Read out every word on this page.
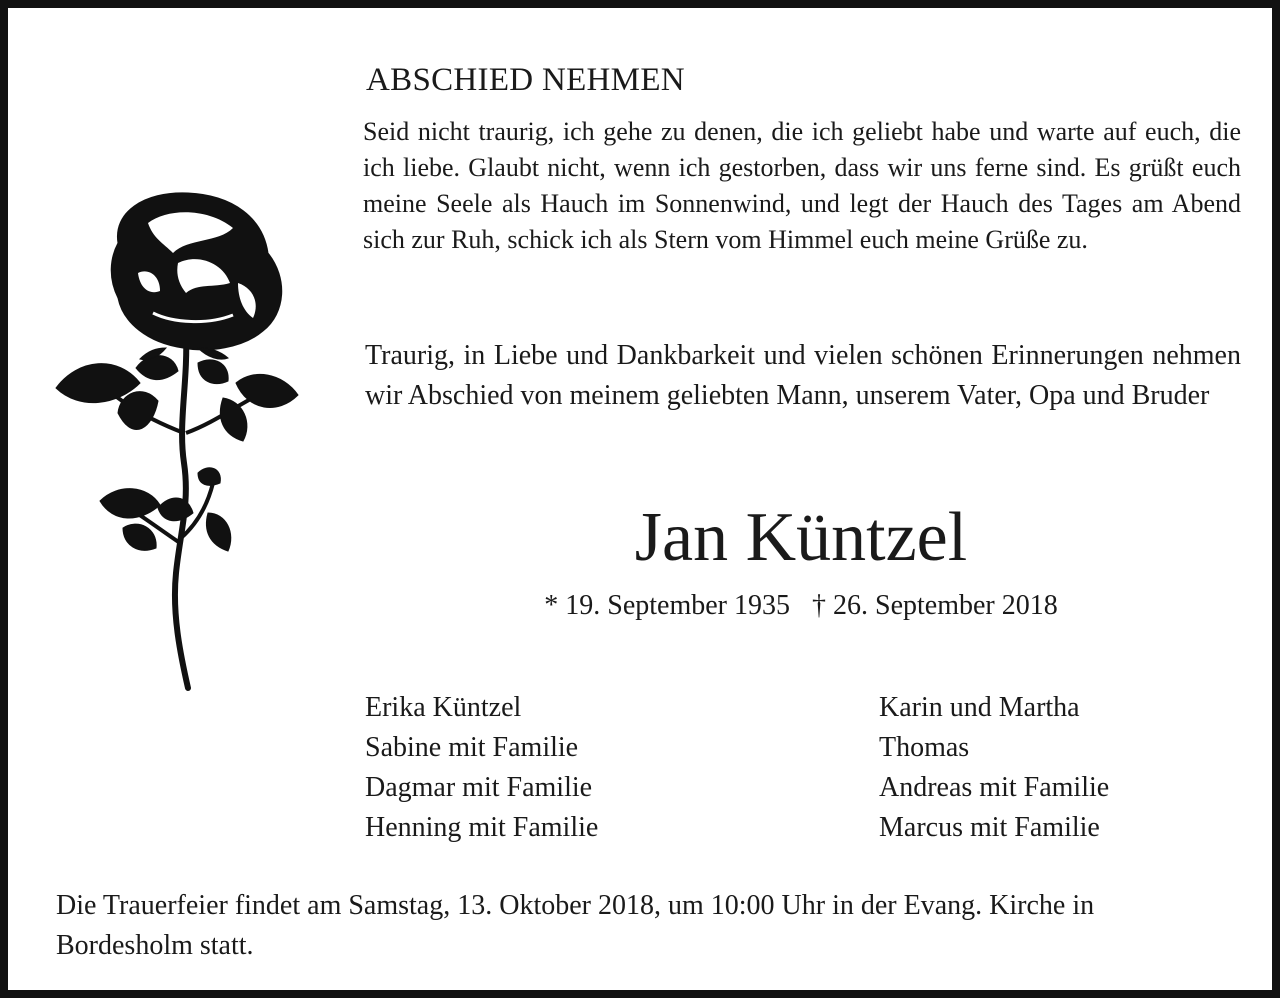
ABSCHIED NEHMEN

Seid nicht traurig, ich gehe zu denen, die ich geliebt habe und warte auf euch, die ich liebe. Glaubt nicht, wenn ich gestorben, dass wir uns ferne sind. Es grüßt euch meine Seele als Hauch im Sonnenwind, und legt der Hauch des Tages am Abend sich zur Ruh, schick ich als Stern vom Himmel euch meine Grüße zu.

Traurig, in Liebe und Dankbarkeit und vielen schönen Erinnerungen nehmen wir Abschied von meinem geliebten Mann, unserem Vater, Opa und Bruder

Jan Küntzel
* 19. September 1935 † 26. September 2018
Erika Küntzel
Sabine mit Familie
Dagmar mit Familie
Henning mit Familie
Karin und Martha
Thomas
Andreas mit Familie
Marcus mit Familie

Die Trauerfeier findet am Samstag, 13. Oktober 2018, um 10:00 Uhr in der Evang. Kirche in Bordesholm statt.
